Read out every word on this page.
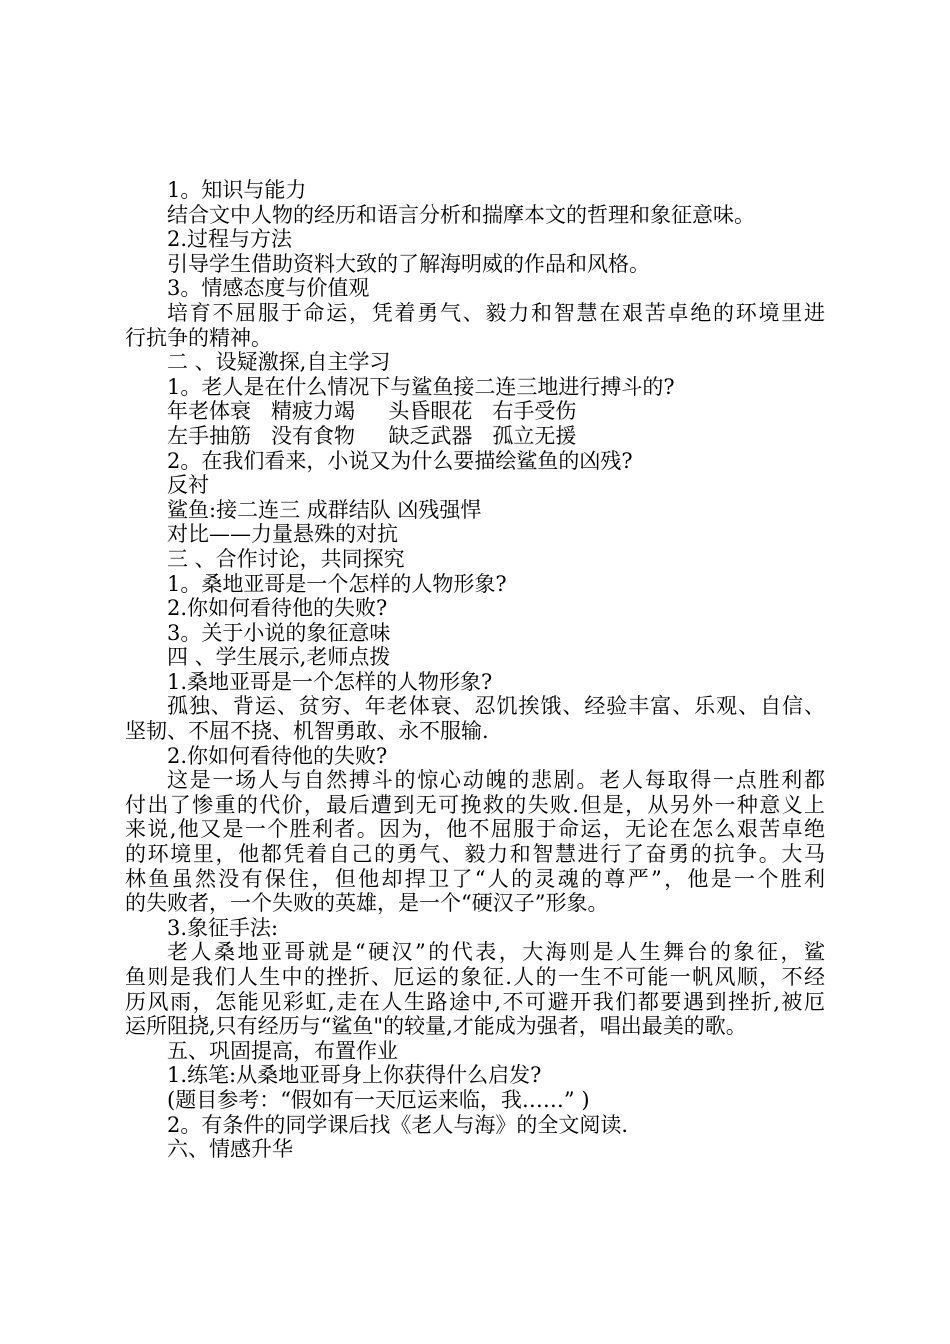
1。知识与能力
结合文中人物的经历和语言分析和揣摩本文的哲理和象征意味。
2.过程与方法
引导学生借助资料大致的了解海明威的作品和风格。
3。情感态度与价值观
培育不屈服于命运，凭着勇气、毅力和智慧在艰苦卓绝的环境里进
行抗争的精神。
二 、设疑激探,自主学习
1。老人是在什么情况下与鲨鱼接二连三地进行搏斗的?
年老体衰   精疲力竭     头昏眼花   右手受伤
左手抽筋   没有食物     缺乏武器   孤立无援
2。在我们看来，小说又为什么要描绘鲨鱼的凶残?
反衬
鲨鱼:接二连三 成群结队 凶残强悍
对比——力量悬殊的对抗
三 、合作讨论，共同探究
1。桑地亚哥是一个怎样的人物形象?
2.你如何看待他的失败?
3。关于小说的象征意味
四 、学生展示,老师点拨
1.桑地亚哥是一个怎样的人物形象?
孤独、背运、贫穷、年老体衰、忍饥挨饿、经验丰富、乐观、自信、
坚韧、不屈不挠、机智勇敢、永不服输.
2.你如何看待他的失败?
这是一场人与自然搏斗的惊心动魄的悲剧。老人每取得一点胜利都
付出了惨重的代价，最后遭到无可挽救的失败.但是，从另外一种意义上
来说,他又是一个胜利者。因为，他不屈服于命运，无论在怎么艰苦卓绝
的环境里，他都凭着自己的勇气、毅力和智慧进行了奋勇的抗争。大马
林鱼虽然没有保住，但他却捍卫了“人的灵魂的尊严”，他是一个胜利
的失败者，一个失败的英雄，是一个“硬汉子”形象。
3.象征手法:
老人桑地亚哥就是“硬汉”的代表，大海则是人生舞台的象征，鲨
鱼则是我们人生中的挫折、厄运的象征.人的一生不可能一帆风顺，不经
历风雨，怎能见彩虹,走在人生路途中,不可避开我们都要遇到挫折,被厄
运所阻挠,只有经历与“鲨鱼"的较量,才能成为强者，唱出最美的歌。
五、巩固提高，布置作业
1.练笔:从桑地亚哥身上你获得什么启发?
(题目参考：“假如有一天厄运来临，我……” )
2。有条件的同学课后找《老人与海》的全文阅读.
六、情感升华
